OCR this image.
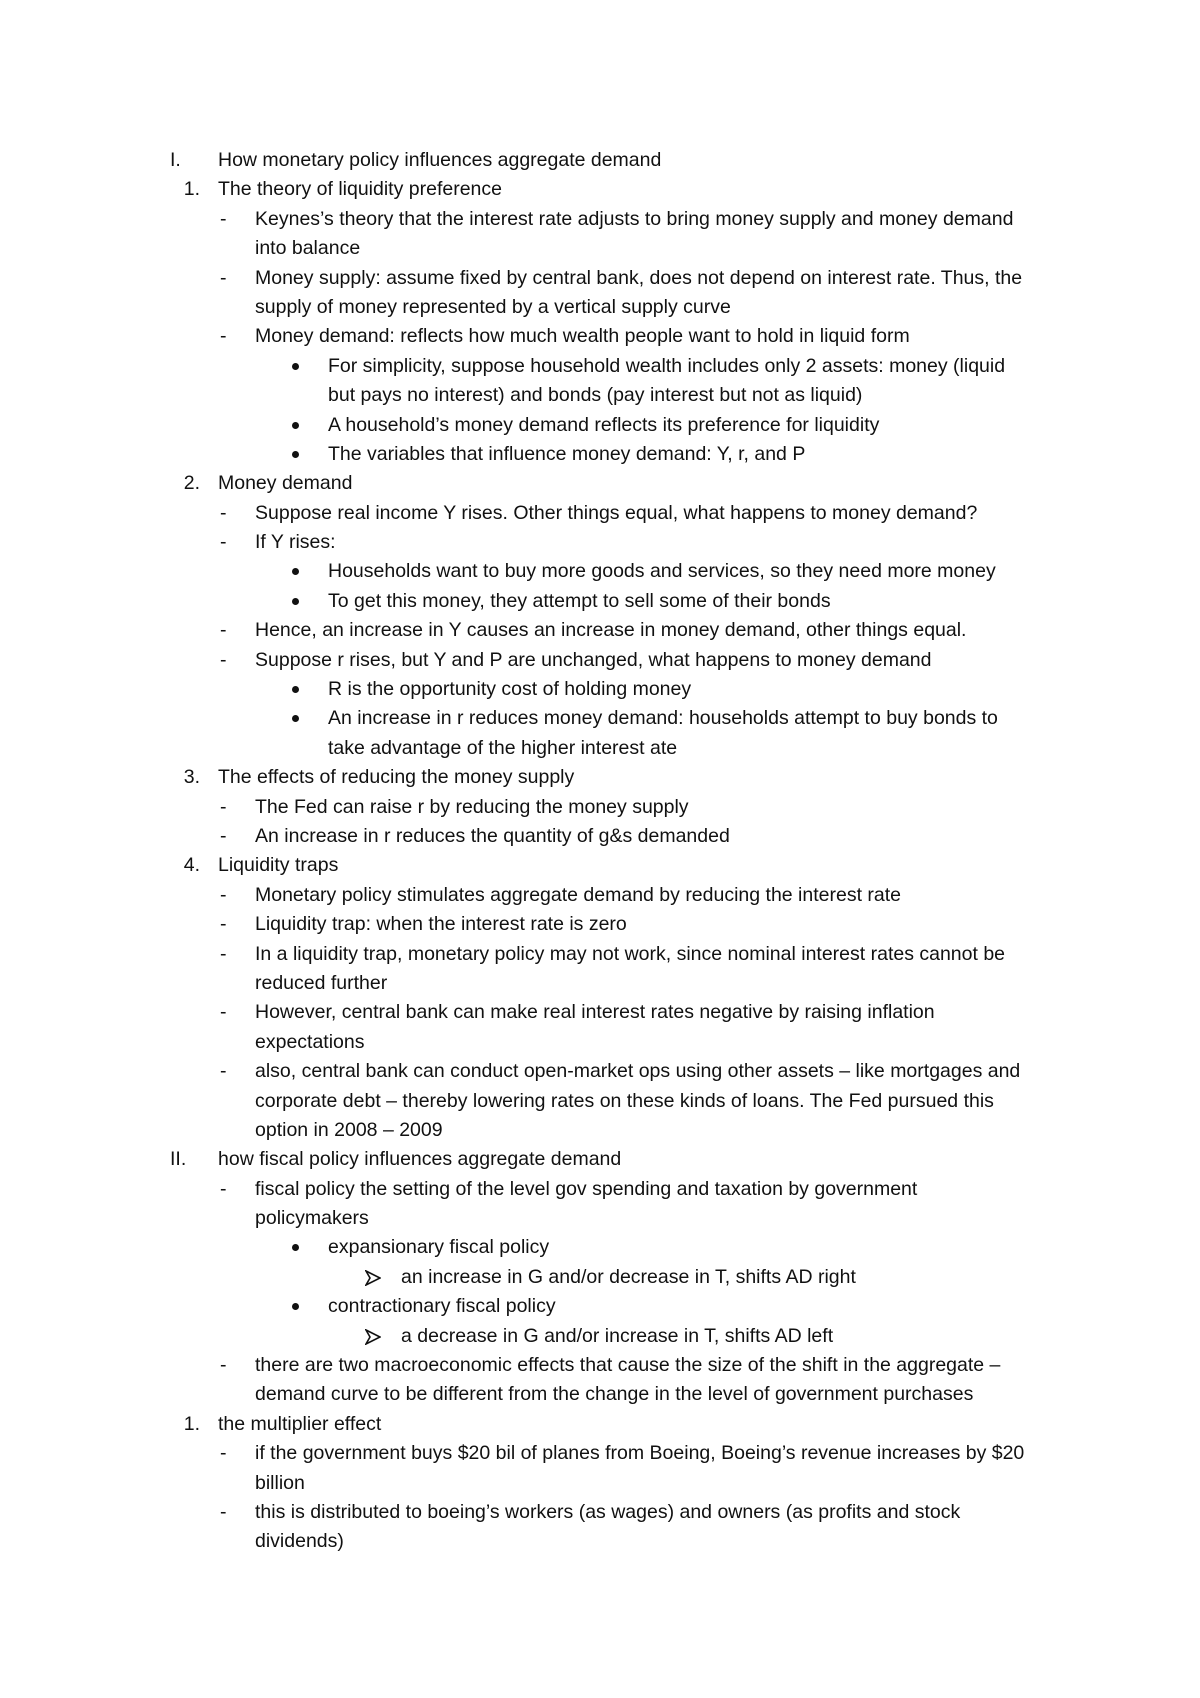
I. How monetary policy influences aggregate demand
1. The theory of liquidity preference
- Keynes’s theory that the interest rate adjusts to bring money supply and money demand
into balance
- Money supply: assume fixed by central bank, does not depend on interest rate. Thus, the
supply of money represented by a vertical supply curve
- Money demand: reflects how much wealth people want to hold in liquid form
For simplicity, suppose household wealth includes only 2 assets: money (liquid
but pays no interest) and bonds (pay interest but not as liquid)
A household’s money demand reflects its preference for liquidity
The variables that influence money demand: Y, r, and P
2. Money demand
- Suppose real income Y rises. Other things equal, what happens to money demand?
- If Y rises:
Households want to buy more goods and services, so they need more money
To get this money, they attempt to sell some of their bonds
- Hence, an increase in Y causes an increase in money demand, other things equal.
- Suppose r rises, but Y and P are unchanged, what happens to money demand
R is the opportunity cost of holding money
An increase in r reduces money demand: households attempt to buy bonds to
take advantage of the higher interest ate
3. The effects of reducing the money supply
- The Fed can raise r by reducing the money supply
- An increase in r reduces the quantity of g&s demanded
4. Liquidity traps
- Monetary policy stimulates aggregate demand by reducing the interest rate
- Liquidity trap: when the interest rate is zero
- In a liquidity trap, monetary policy may not work, since nominal interest rates cannot be
reduced further
- However, central bank can make real interest rates negative by raising inflation
expectations
- also, central bank can conduct open-market ops using other assets – like mortgages and
corporate debt – thereby lowering rates on these kinds of loans. The Fed pursued this
option in 2008 – 2009
II. how fiscal policy influences aggregate demand
- fiscal policy the setting of the level gov spending and taxation by government
policymakers
expansionary fiscal policy
an increase in G and/or decrease in T, shifts AD right
contractionary fiscal policy
a decrease in G and/or increase in T, shifts AD left
- there are two macroeconomic effects that cause the size of the shift in the aggregate –
demand curve to be different from the change in the level of government purchases
1. the multiplier effect
- if the government buys $20 bil of planes from Boeing, Boeing’s revenue increases by $20
billion
- this is distributed to boeing’s workers (as wages) and owners (as profits and stock
dividends)
